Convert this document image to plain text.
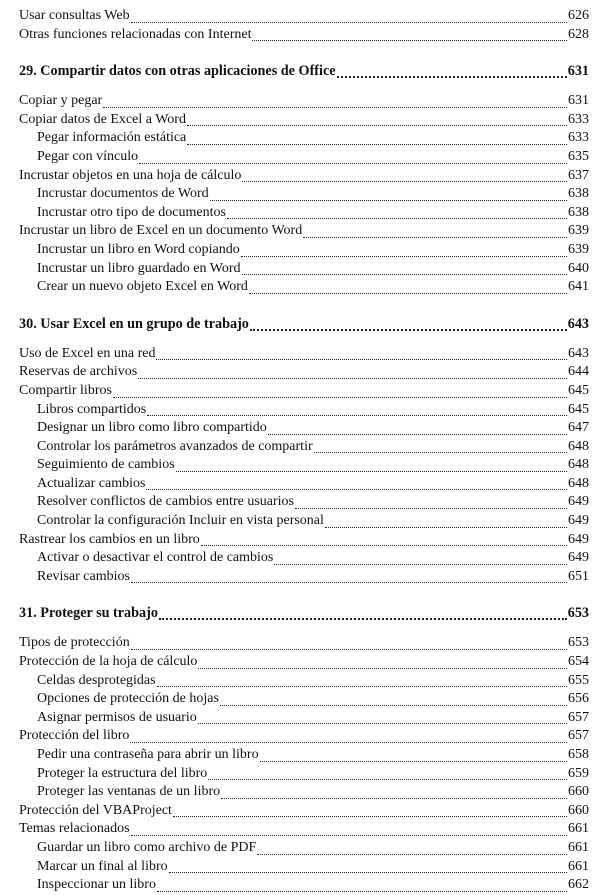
Usar consultas Web	626
Otras funciones relacionadas con Internet	628
29. Compartir datos con otras aplicaciones de Office	631
Copiar y pegar	631
Copiar datos de Excel a Word	633
Pegar información estática	633
Pegar con vínculo	635
Incrustar objetos en una hoja de cálculo	637
Incrustar documentos de Word	638
Incrustar otro tipo de documentos	638
Incrustar un libro de Excel en un documento Word	639
Incrustar un libro en Word copiando	639
Incrustar un libro guardado en Word	640
Crear un nuevo objeto Excel en Word	641
30. Usar Excel en un grupo de trabajo	643
Uso de Excel en una red	643
Reservas de archivos	644
Compartir libros	645
Libros compartidos	645
Designar un libro como libro compartido	647
Controlar los parámetros avanzados de compartir	648
Seguimiento de cambios	648
Actualizar cambios	648
Resolver conflictos de cambios entre usuarios	649
Controlar la configuración Incluir en vista personal	649
Rastrear los cambios en un libro	649
Activar o desactivar el control de cambios	649
Revisar cambios	651
31. Proteger su trabajo	653
Tipos de protección	653
Protección de la hoja de cálculo	654
Celdas desprotegidas	655
Opciones de protección de hojas	656
Asignar permisos de usuario	657
Protección del libro	657
Pedir una contraseña para abrir un libro	658
Proteger la estructura del libro	659
Proteger las ventanas de un libro	660
Protección del VBAProject	660
Temas relacionados	661
Guardar un libro como archivo de PDF	661
Marcar un final al libro	661
Inspeccionar un libro	662
